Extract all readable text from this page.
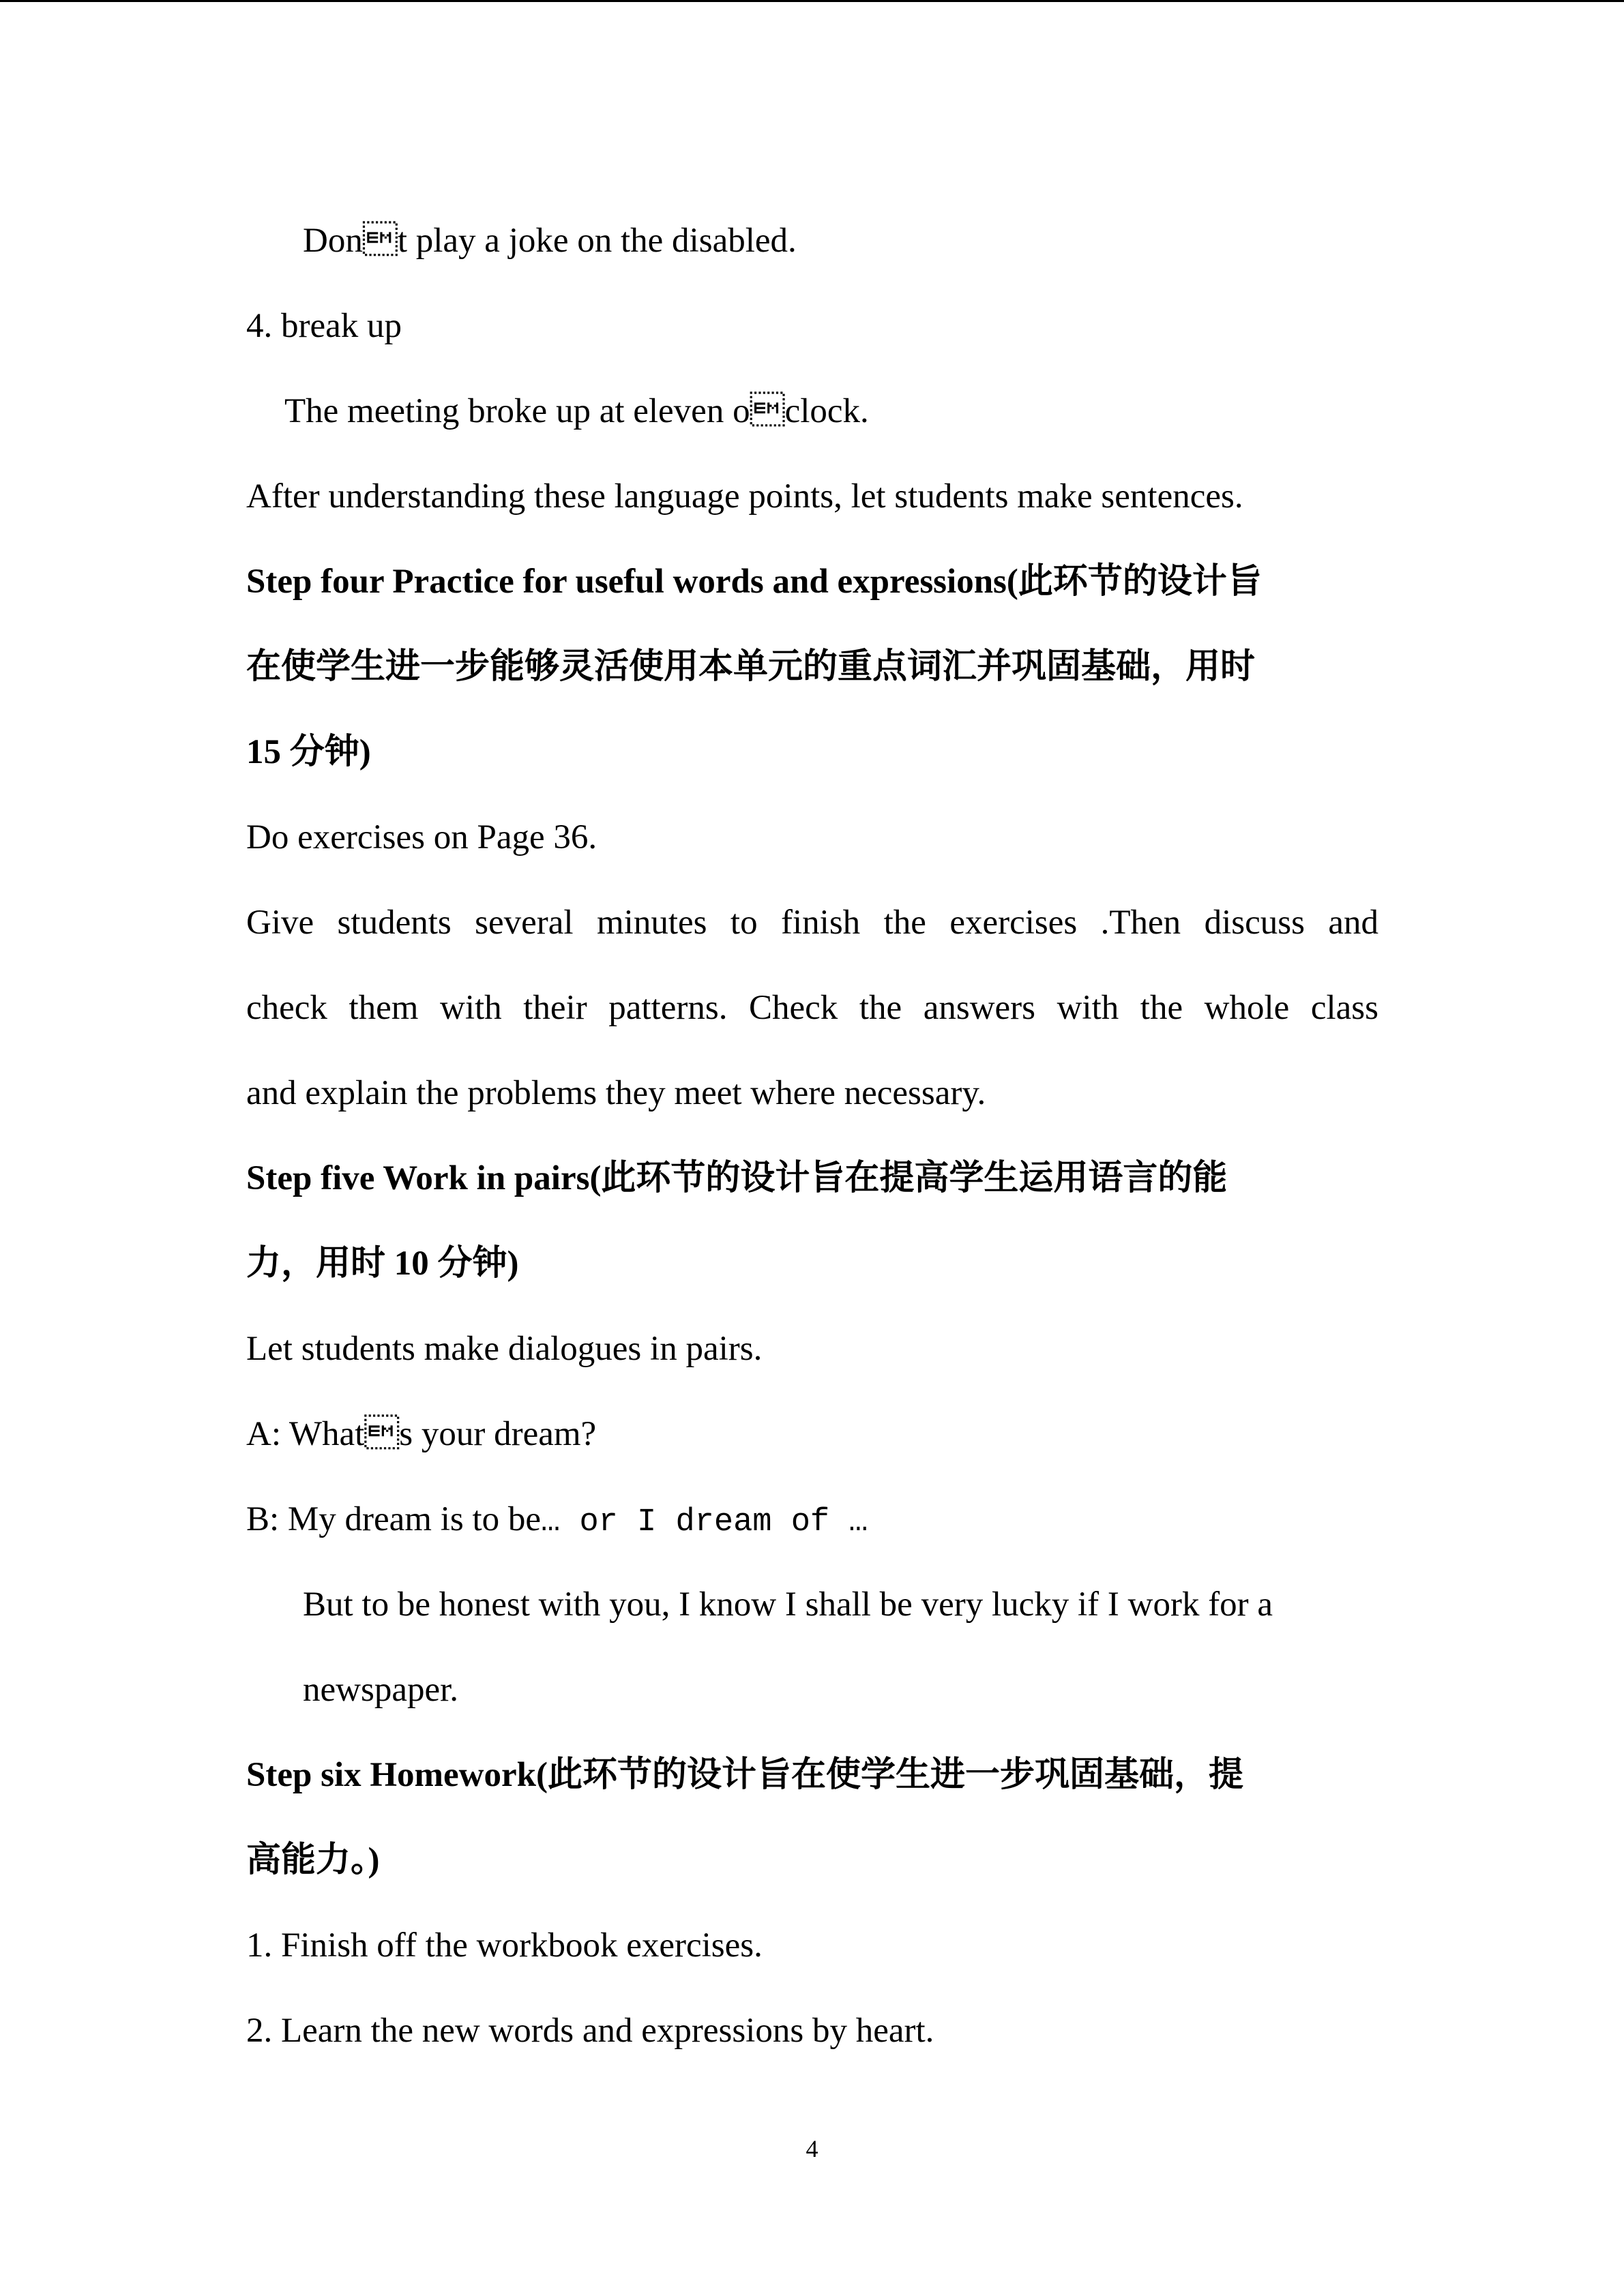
Dont play a joke on the disabled.
4. break up
The meeting broke up at eleven oclock.
After understanding these language points, let students make sentences.
Step four Practice for useful words and expressions(此环节的设计旨
在使学生进一步能够灵活使用本单元的重点词汇并巩固基础，用时
15 分钟)
Do exercises on Page 36.
Give students several minutes to finish the exercises .Then discuss and
check them with their patterns. Check the answers with the whole class
and explain the problems they meet where necessary.
Step five Work in pairs(此环节的设计旨在提高学生运用语言的能
力，用时 10 分钟)
Let students make dialogues in pairs.
A: Whats your dream?
B: My dream is to be… or I dream of …
But to be honest with you, I know I shall be very lucky if I work for a
newspaper.
Step six Homework(此环节的设计旨在使学生进一步巩固基础，提
高能力。)
1. Finish off the workbook exercises.
2. Learn the new words and expressions by heart.
4
